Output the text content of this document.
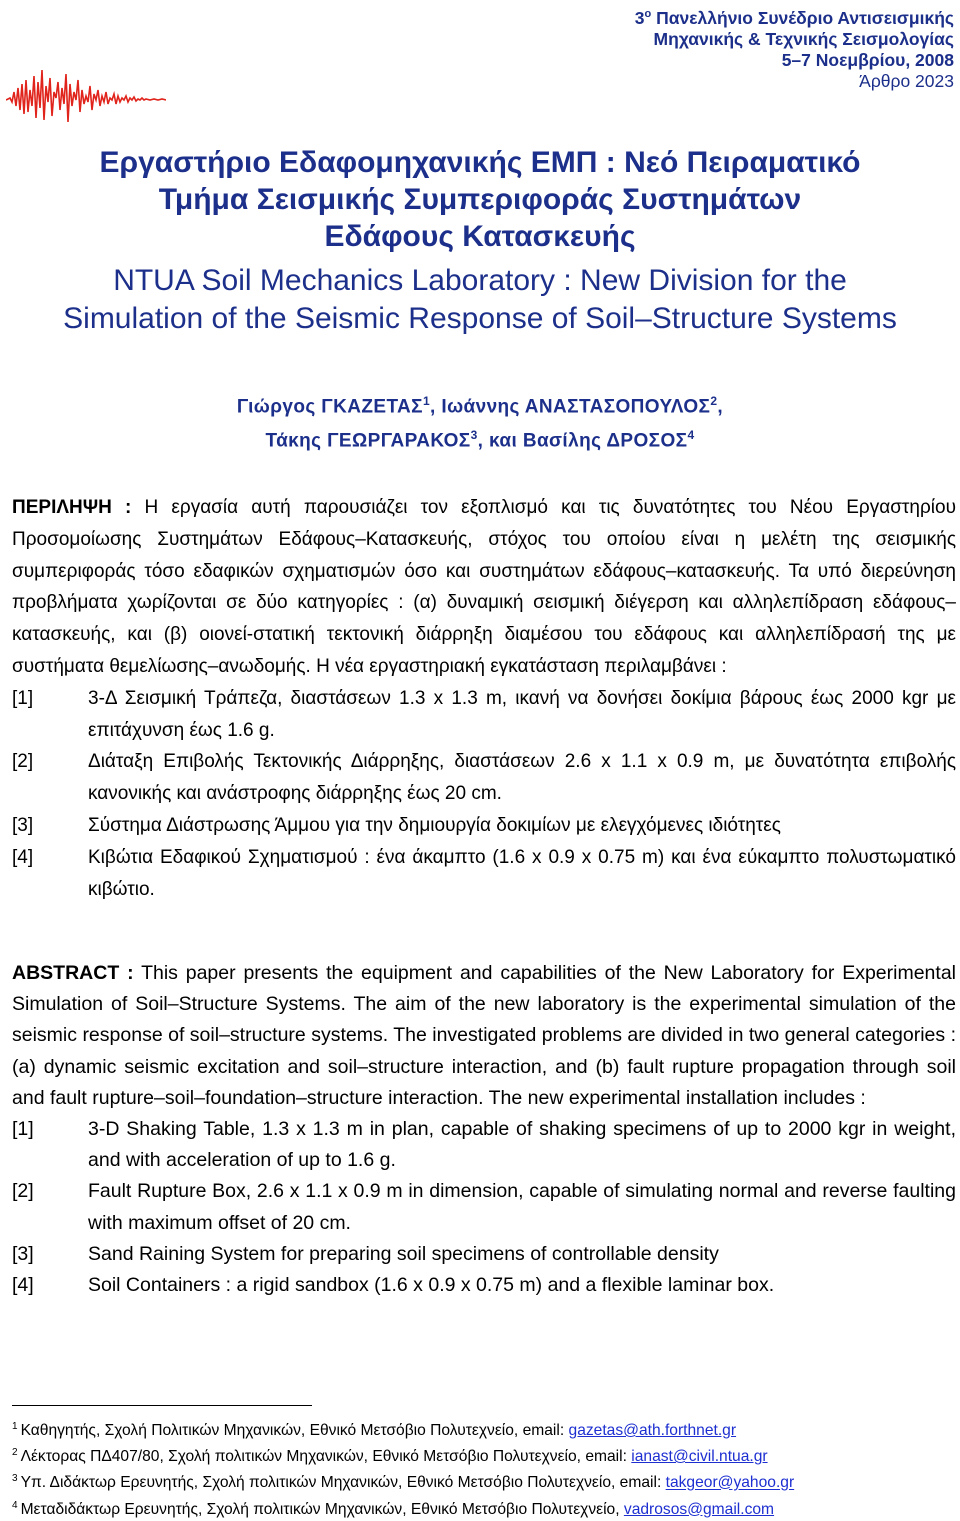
$3^o$ Πανελλήνιο Συνέδριο Αντισεισμικής
Μηχανικής & Τεχνικής Σεισμολογίας
5–7 Νοεμβρίου, 2008
Άρθρο 2023
Εργαστήριο Εδαφομηχανικής ΕΜΠ : Νεό Πειραματικό
Τμήμα Σεισμικής Συμπεριφοράς Συστημάτων
Εδάφους Κατασκευής
NTUA Soil Mechanics Laboratory : New Division for the
Simulation of the Seismic Response of Soil–Structure Systems
Γιώργος ΓΚΑΖΕΤΑΣ$^1$, Ιωάννης ΑΝΑΣΤΑΣΟΠΟΥΛΟΣ$^2$,
Τάκης ΓΕΩΡΓΑΡΑΚΟΣ$^3$, και Βασίλης ΔΡΟΣΟΣ$^4$
ΠΕΡΙΛΗΨΗ : Η εργασία αυτή παρουσιάζει τον εξοπλισμό και τις δυνατότητες του Νέου Εργαστηρίου Προσομοίωσης Συστημάτων Εδάφους–Κατασκευής, στόχος του οποίου είναι η μελέτη της σεισμικής συμπεριφοράς τόσο εδαφικών σχηματισμών όσο και συστημάτων εδάφους–κατασκευής. Τα υπό διερεύνηση προβλήματα χωρίζονται σε δύο κατηγορίες : (α) δυναμική σεισμική διέγερση και αλληλεπίδραση εδάφους–κατασκευής, και (β) οιονεί-στατική τεκτονική διάρρηξη διαμέσου του εδάφους και αλληλεπίδρασή της με συστήματα θεμελίωσης–ανωδομής. Η νέα εργαστηριακή εγκατάσταση περιλαμβάνει :
[1]	3-Δ Σεισμική Τράπεζα, διαστάσεων 1.3 x 1.3 m, ικανή να δονήσει δοκίμια βάρους έως 2000 kgr με επιτάχυνση έως 1.6 g.
[2]	Διάταξη Επιβολής Τεκτονικής Διάρρηξης, διαστάσεων 2.6 x 1.1 x 0.9 m, με δυνατότητα επιβολής κανονικής και ανάστροφης διάρρηξης έως 20 cm.
[3]	Σύστημα Διάστρωσης Άμμου για την δημιουργία δοκιμίων με ελεγχόμενες ιδιότητες
[4]	Κιβώτια Εδαφικού Σχηματισμού : ένα άκαμπτο (1.6 x 0.9 x 0.75 m) και ένα εύκαμπτο πολυστωματικό κιβώτιο.
ABSTRACT : This paper presents the equipment and capabilities of the New Laboratory for Experimental Simulation of Soil–Structure Systems. The aim of the new laboratory is the experimental simulation of the seismic response of soil–structure systems. The investigated problems are divided in two general categories : (a) dynamic seismic excitation and soil–structure interaction, and (b) fault rupture propagation through soil and fault rupture–soil–foundation–structure interaction. The new experimental installation includes :
[1]	3-D Shaking Table, 1.3 x 1.3 m in plan, capable of shaking specimens of up to 2000 kgr in weight, and with acceleration of up to 1.6 g.
[2]	Fault Rupture Box, 2.6 x 1.1 x 0.9 m in dimension, capable of simulating normal and reverse faulting with maximum offset of 20 cm.
[3]	Sand Raining System for preparing soil specimens of controllable density
[4]	Soil Containers : a rigid sandbox (1.6 x 0.9 x 0.75 m) and a flexible laminar box.
$^1$ Καθηγητής, Σχολή Πολιτικών Μηχανικών, Εθνικό Μετσόβιο Πολυτεχνείο, email: gazetas@ath.forthnet.gr
$^2$ Λέκτορας ΠΔ407/80, Σχολή πολιτικών Μηχανικών, Εθνικό Μετσόβιο Πολυτεχνείο, email: ianast@civil.ntua.gr
$^3$ Υπ. Διδάκτωρ Ερευνητής, Σχολή πολιτικών Μηχανικών, Εθνικό Μετσόβιο Πολυτεχνείο, email: takgeor@yahoo.gr
$^4$ Μεταδιδάκτωρ Ερευνητής, Σχολή πολιτικών Μηχανικών, Εθνικό Μετσόβιο Πολυτεχνείο, vadrosos@gmail.com
